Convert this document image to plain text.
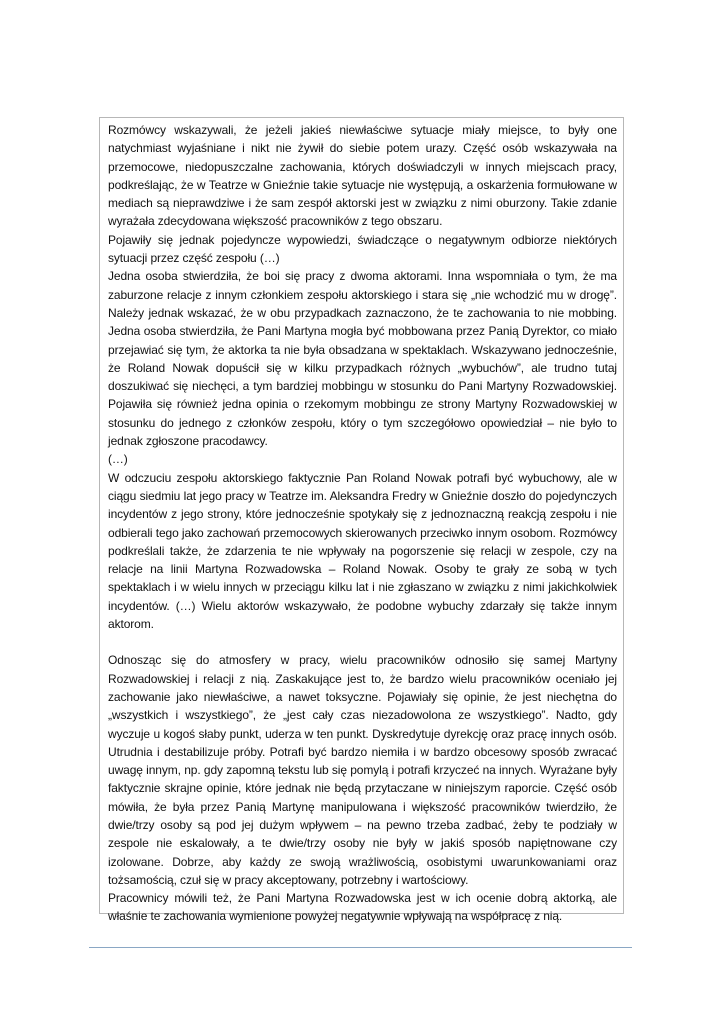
Rozmówcy wskazywali, że jeżeli jakieś niewłaściwe sytuacje miały miejsce, to były one natychmiast wyjaśniane i nikt nie żywił do siebie potem urazy. Część osób wskazywała na przemocowe, niedopuszczalne zachowania, których doświadczyli w innych miejscach pracy, podkreślając, że w Teatrze w Gnieźnie takie sytuacje nie występują, a oskarżenia formułowane w mediach są nieprawdziwe i że sam zespół aktorski jest w związku z nimi oburzony. Takie zdanie wyrażała zdecydowana większość pracowników z tego obszaru.

Pojawiły się jednak pojedyncze wypowiedzi, świadczące o negatywnym odbiorze niektórych sytuacji przez część zespołu (…)

Jedna osoba stwierdziła, że boi się pracy z dwoma aktorami. Inna wspomniała o tym, że ma zaburzone relacje z innym członkiem zespołu aktorskiego i stara się „nie wchodzić mu w drogę”. Należy jednak wskazać, że w obu przypadkach zaznaczono, że te zachowania to nie mobbing. Jedna osoba stwierdziła, że Pani Martyna mogła być mobbowana przez Panią Dyrektor, co miało przejawiać się tym, że aktorka ta nie była obsadzana w spektaklach. Wskazywano jednocześnie, że Roland Nowak dopuścił się w kilku przypadkach różnych „wybuchów”, ale trudno tutaj doszukiwać się niechęci, a tym bardziej mobbingu w stosunku do Pani Martyny Rozwadowskiej. Pojawiła się również jedna opinia o rzekomym mobbingu ze strony Martyny Rozwadowskiej w stosunku do jednego z członków zespołu, który o tym szczegółowo opowiedział – nie było to jednak zgłoszone pracodawcy.

(…)

W odczuciu zespołu aktorskiego faktycznie Pan Roland Nowak potrafi być wybuchowy, ale w ciągu siedmiu lat jego pracy w Teatrze im. Aleksandra Fredry w Gnieźnie doszło do pojedynczych incydentów z jego strony, które jednocześnie spotykały się z jednoznaczną reakcją zespołu i nie odbierali tego jako zachowań przemocowych skierowanych przeciwko innym osobom. Rozmówcy podkreślali także, że zdarzenia te nie wpływały na pogorszenie się relacji w zespole, czy na relacje na linii Martyna Rozwadowska – Roland Nowak. Osoby te grały ze sobą w tych spektaklach i w wielu innych w przeciągu kilku lat i nie zgłaszano w związku z nimi jakichkolwiek incydentów. (…) Wielu aktorów wskazywało, że podobne wybuchy zdarzały się także innym aktorom.

Odnosząc się do atmosfery w pracy, wielu pracowników odnosiło się samej Martyny Rozwadowskiej i relacji z nią. Zaskakujące jest to, że bardzo wielu pracowników oceniało jej zachowanie jako niewłaściwe, a nawet toksyczne. Pojawiały się opinie, że jest niechętna do „wszystkich i wszystkiego”, że „jest cały czas niezadowolona ze wszystkiego”. Nadto, gdy wyczuje u kogoś słaby punkt, uderza w ten punkt. Dyskredytuje dyrekcję oraz pracę innych osób. Utrudnia i destabilizuje próby. Potrafi być bardzo niemiła i w bardzo obcesowy sposób zwracać uwagę innym, np. gdy zapomną tekstu lub się pomylą i potrafi krzyczeć na innych. Wyrażane były faktycznie skrajne opinie, które jednak nie będą przytaczane w niniejszym raporcie. Część osób mówiła, że była przez Panią Martynę manipulowana i większość pracowników twierdziło, że dwie/trzy osoby są pod jej dużym wpływem – na pewno trzeba zadbać, żeby te podziały w zespole nie eskalowały, a te dwie/trzy osoby nie były w jakiś sposób napiętnowane czy izolowane. Dobrze, aby każdy ze swoją wrażliwością, osobistymi uwarunkowaniami oraz tożsamością, czuł się w pracy akceptowany, potrzebny i wartościowy.

Pracownicy mówili też, że Pani Martyna Rozwadowska jest w ich ocenie dobrą aktorką, ale właśnie te zachowania wymienione powyżej negatywnie wpływają na współpracę z nią.
